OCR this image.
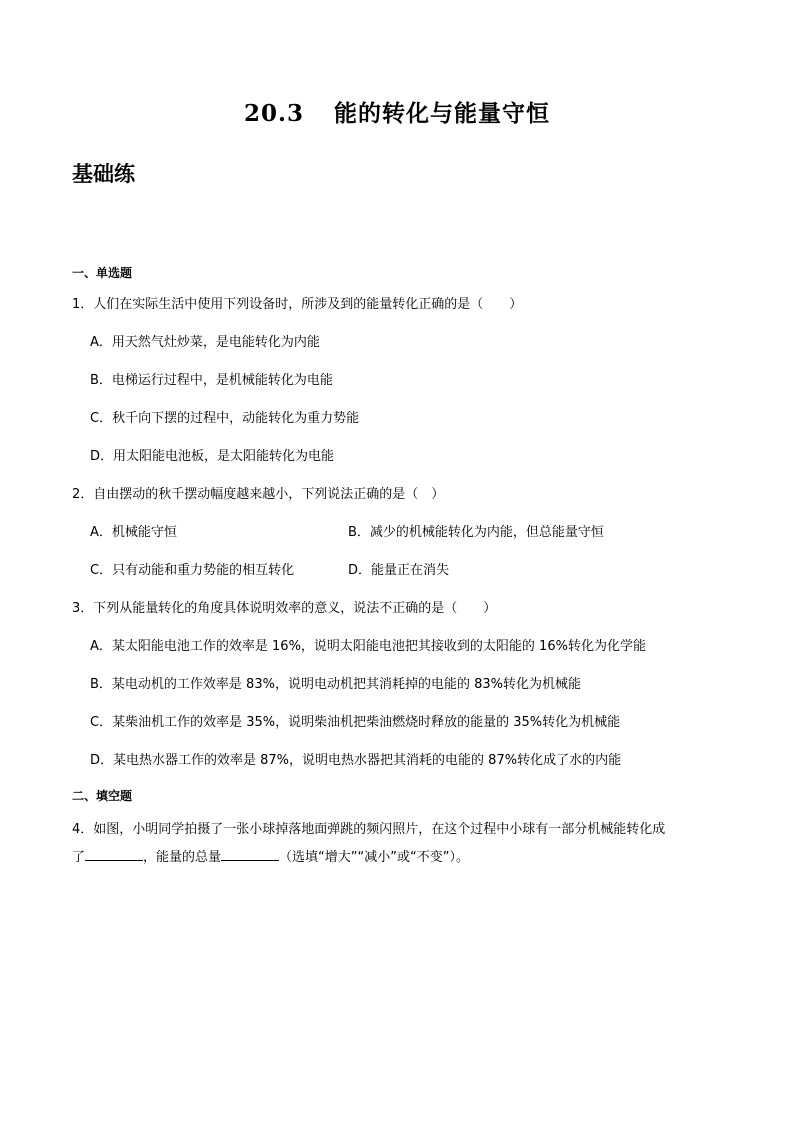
20.3 能的转化与能量守恒
基础练
一、单选题
1．人们在实际生活中使用下列设备时，所涉及到的能量转化正确的是（　　）
A．用天然气灶炒菜，是电能转化为内能
B．电梯运行过程中，是机械能转化为电能
C．秋千向下摆的过程中，动能转化为重力势能
D．用太阳能电池板，是太阳能转化为电能
2．自由摆动的秋千摆动幅度越来越小，下列说法正确的是（　）
A．机械能守恒	B．减少的机械能转化为内能，但总能量守恒
C．只有动能和重力势能的相互转化	D．能量正在消失
3．下列从能量转化的角度具体说明效率的意义，说法不正确的是（　　）
A．某太阳能电池工作的效率是 16%，说明太阳能电池把其接收到的太阳能的 16%转化为化学能
B．某电动机的工作效率是 83%，说明电动机把其消耗掉的电能的 83%转化为机械能
C．某柴油机工作的效率是 35%，说明柴油机把柴油燃烧时释放的能量的 35%转化为机械能
D．某电热水器工作的效率是 87%，说明电热水器把其消耗的电能的 87%转化成了水的内能
二、填空题
4．如图，小明同学拍摄了一张小球掉落地面弹跳的频闪照片，在这个过程中小球有一部分机械能转化成
了	，能量的总量	（选填“增大”“减小”或“不变”）。
